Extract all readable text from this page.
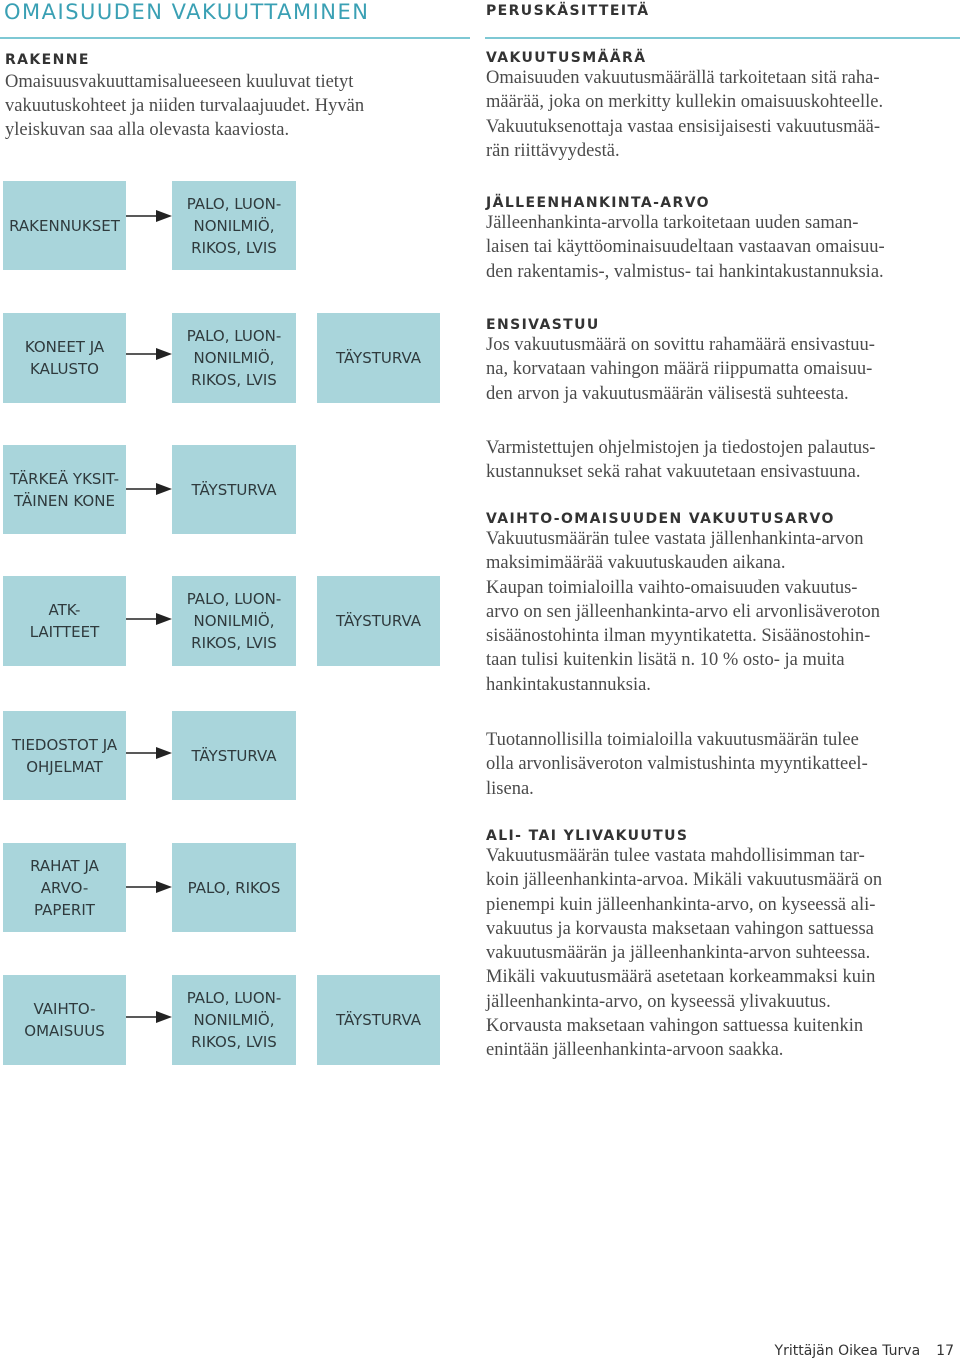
OMAISUUDEN VAKUUTTAMINEN
RAKENNE

Omaisuusvakuuttamisalueeseen kuuluvat tietyt
vakuutuskohteet ja niiden turvalaajuudet. Hyvän
yleiskuvan saa alla olevasta kaaviosta.

RAKENNUKSET
PALO, LUON-
NONILMIÖ,
RIKOS, LVIS
KONEET JA
KALUSTO
PALO, LUON-
NONILMIÖ,
RIKOS, LVIS
TÄYSTURVA
TÄRKEÄ YKSIT-
TÄINEN KONE
TÄYSTURVA
ATK-
LAITTEET
PALO, LUON-
NONILMIÖ,
RIKOS, LVIS
TÄYSTURVA
TIEDOSTOT JA
OHJELMAT
TÄYSTURVA
RAHAT JA
ARVO-
PAPERIT
PALO, RIKOS
VAIHTO-
OMAISUUS
PALO, LUON-
NONILMIÖ,
RIKOS, LVIS
TÄYSTURVA
PERUSKÄSITTEITÄ
VAKUUTUSMÄÄRÄ

Omaisuuden vakuutusmäärällä tarkoitetaan sitä raha-
määrää, joka on merkitty kullekin omaisuuskohteelle.
Vakuutuksenottaja vastaa ensisijaisesti vakuutusmää-
rän riittävyydestä.

JÄLLEENHANKINTA-ARVO

Jälleenhankinta-arvolla tarkoitetaan uuden saman-
laisen tai käyttöominaisuudeltaan vastaavan omaisuu-
den rakentamis-, valmistus- tai hankintakustannuksia.

ENSIVASTUU

Jos vakuutusmäärä on sovittu rahamäärä ensivastuu-
na, korvataan vahingon määrä riippumatta omaisuu-
den arvon ja vakuutusmäärän välisestä suhteesta.

Varmistettujen ohjelmistojen ja tiedostojen palautus-
kustannukset sekä rahat vakuutetaan ensivastuuna.

VAIHTO-OMAISUUDEN VAKUUTUSARVO

Vakuutusmäärän tulee vastata jällenhankinta-arvon
maksimimäärää vakuutuskauden aikana.
Kaupan toimialoilla vaihto-omaisuuden vakuutus-
arvo on sen jälleenhankinta-arvo eli arvonlisäveroton
sisäänostohinta ilman myyntikatetta. Sisäänostohin-
taan tulisi kuitenkin lisätä n. 10 % osto- ja muita
hankintakustannuksia.

Tuotannollisilla toimialoilla vakuutusmäärän tulee
olla arvonlisäveroton valmistushinta myyntikatteel-
lisena.

ALI- TAI YLIVAKUUTUS

Vakuutusmäärän tulee vastata mahdollisimman tar-
koin jälleenhankinta-arvoa. Mikäli vakuutusmäärä on
pienempi kuin jälleenhankinta-arvo, on kyseessä ali-
vakuutus ja korvausta maksetaan vahingon sattuessa
vakuutusmäärän ja jälleenhankinta-arvon suhteessa.
Mikäli vakuutusmäärä asetetaan korkeammaksi kuin
jälleenhankinta-arvo, on kyseessä ylivakuutus.
Korvausta maksetaan vahingon sattuessa kuitenkin
enintään jälleenhankinta-arvoon saakka.

Yrittäjän Oikea Turva 17
